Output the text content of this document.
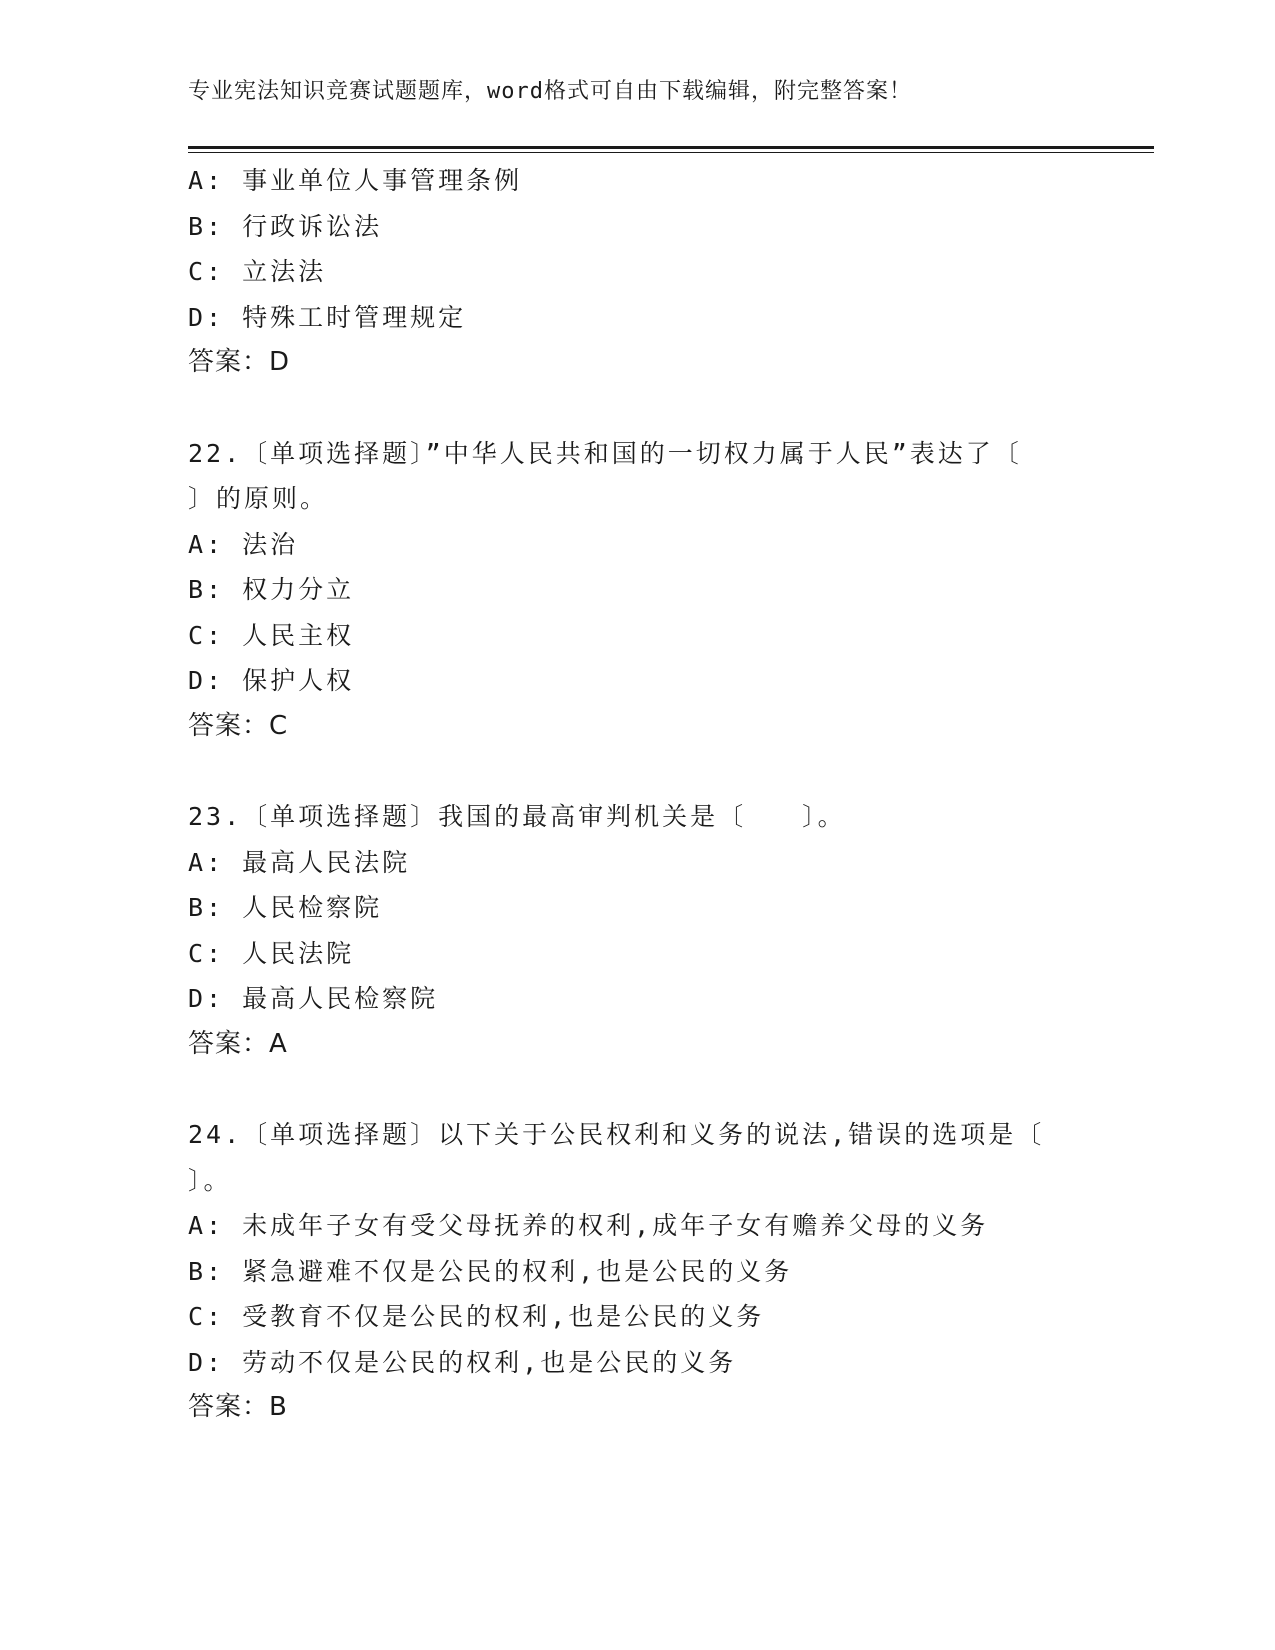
专业宪法知识竞赛试题题库，word格式可自由下载编辑，附完整答案！
A: 事业单位人事管理条例
B: 行政诉讼法
C: 立法法
D: 特殊工时管理规定
答案：D
22.〔单项选择题〕”中华人民共和国的一切权力属于人民”表达了〔
〕的原则。
A: 法治
B: 权力分立
C: 人民主权
D: 保护人权
答案：C
23.〔单项选择题〕我国的最高审判机关是〔　　〕。
A: 最高人民法院
B: 人民检察院
C: 人民法院
D: 最高人民检察院
答案：A
24.〔单项选择题〕以下关于公民权利和义务的说法,错误的选项是〔
〕。
A: 未成年子女有受父母抚养的权利,成年子女有赡养父母的义务
B: 紧急避难不仅是公民的权利,也是公民的义务
C: 受教育不仅是公民的权利,也是公民的义务
D: 劳动不仅是公民的权利,也是公民的义务
答案：B
